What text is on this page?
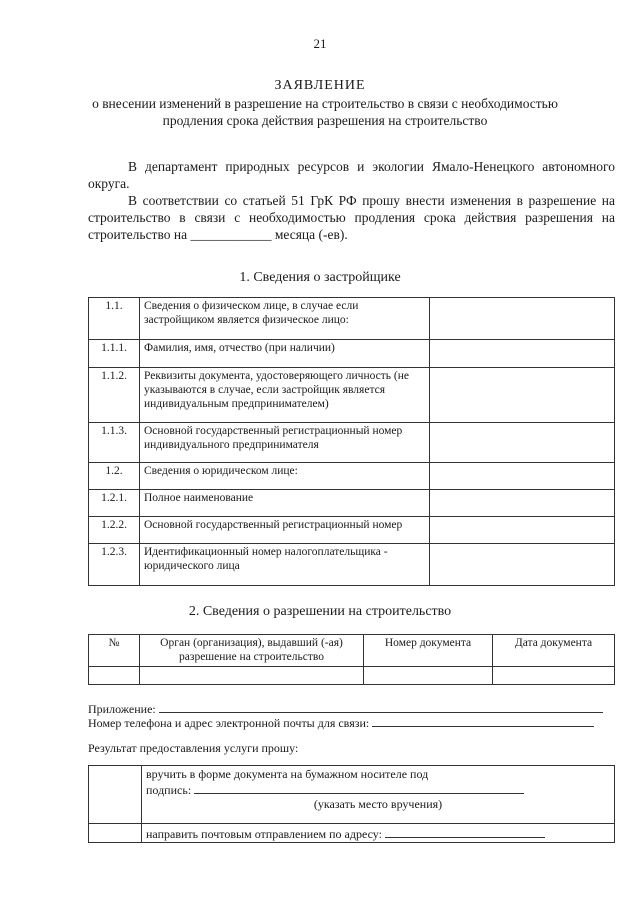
21
ЗАЯВЛЕНИЕ
о внесении изменений в разрешение на строительство в связи с необходимостью
продления срока действия разрешения на строительство
В департамент природных ресурсов и экологии Ямало-Ненецкого автономного округа.
В соответствии со статьей 51 ГрК РФ прошу внести изменения в разрешение на строительство в связи с необходимостью продления срока действия разрешения на строительство на ____________ месяца (-ев).
1. Сведения о застройщике
1.1.	Сведения о физическом лице, в случае если застройщиком является физическое лицо:	
1.1.1.	Фамилия, имя, отчество (при наличии)	
1.1.2.	Реквизиты документа, удостоверяющего личность (не указываются в случае, если застройщик является индивидуальным предпринимателем)	
1.1.3.	Основной государственный регистрационный номер индивидуального предпринимателя	
1.2.	Сведения о юридическом лице:	
1.2.1.	Полное наименование	
1.2.2.	Основной государственный регистрационный номер	
1.2.3.	Идентификационный номер налогоплательщика - юридического лица	
2. Сведения о разрешении на строительство
№	Орган (организация), выдавший (-ая) разрешение на строительство	Номер документа	Дата документа

Приложение:
Номер телефона и адрес электронной почты для связи:
Результат предоставления услуги прошу:

	вручить в форме документа на бумажном носителе под
подпись:
(указать место вручения)

	направить почтовым отправлением по адресу:
